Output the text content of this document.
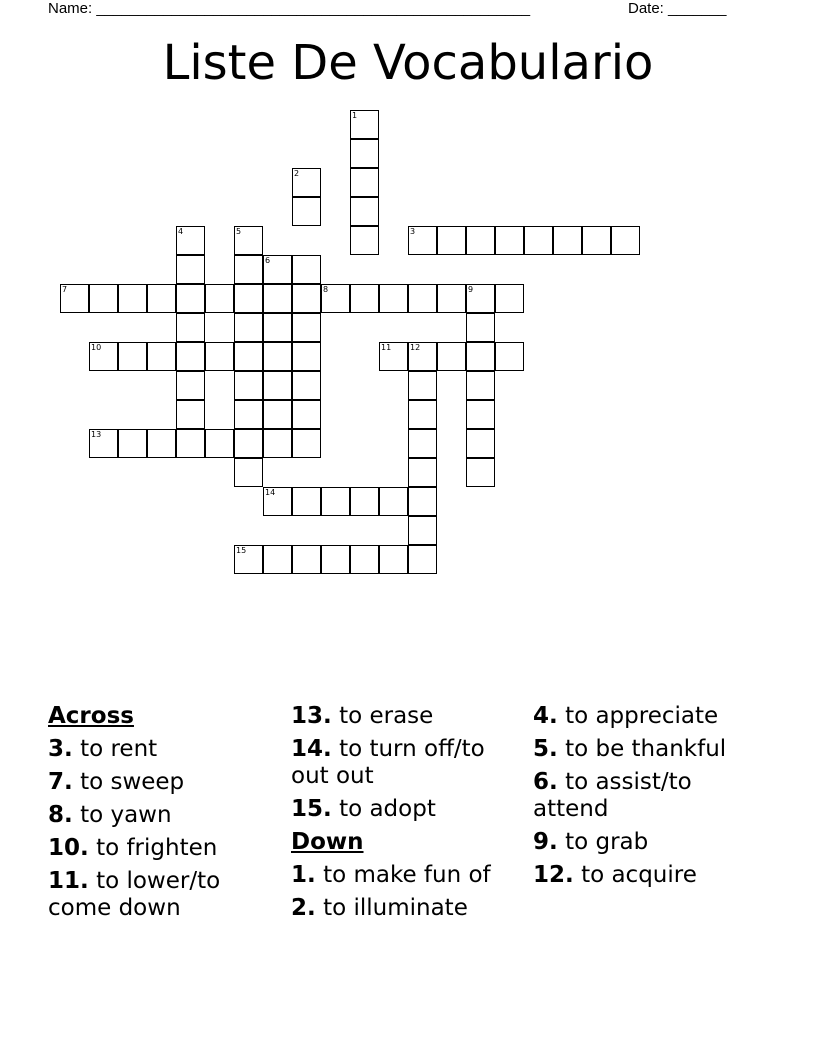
Name: ____________________________________________________	Date: _______
Liste De Vocabulario
1
3
2
4	5
6
7	8	9
10	11 12
13
14
15
Across
3. to rent
7. to sweep
8. to yawn
10. to frighten
11. to lower/to come down
13. to erase
14. to turn off/to out out
15. to adopt
Down
1. to make fun of
2. to illuminate
4. to appreciate
5. to be thankful
6. to assist/to attend
9. to grab
12. to acquire
